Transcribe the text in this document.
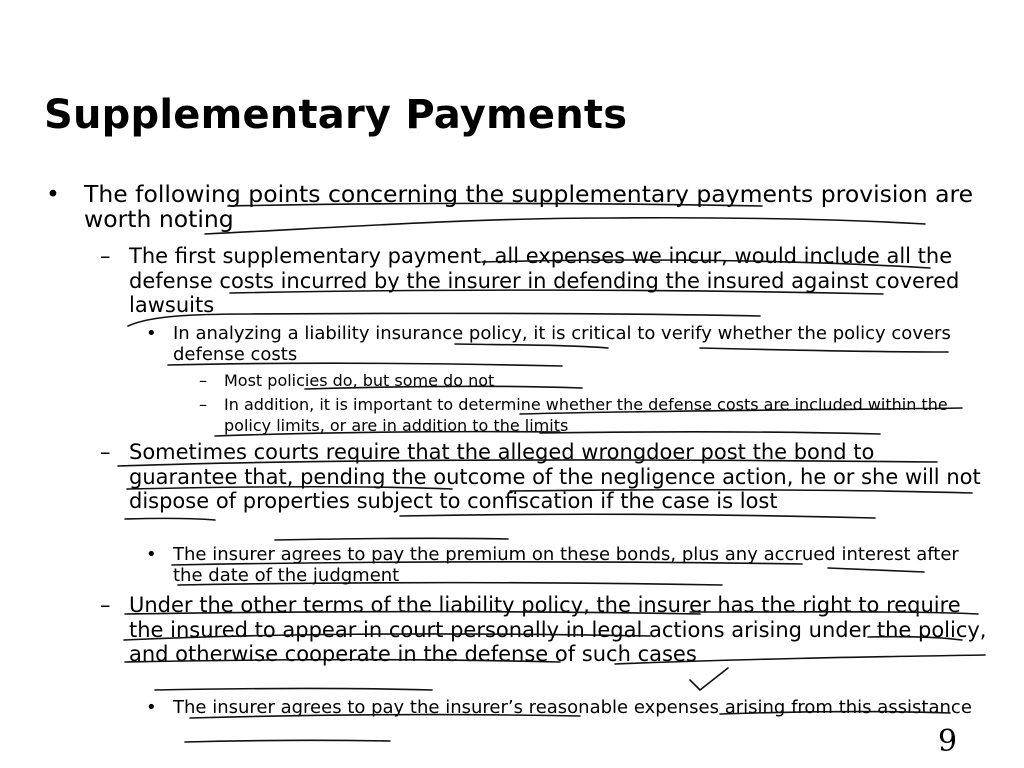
Supplementary Payments
• The following points concerning the supplementary payments provision are worth noting
– The first supplementary payment, all expenses we incur, would include all the defense costs incurred by the insurer in defending the insured against covered lawsuits
• In analyzing a liability insurance policy, it is critical to verify whether the policy covers defense costs
– Most policies do, but some do not
– In addition, it is important to determine whether the defense costs are included within the policy limits, or are in addition to the limits
– Sometimes courts require that the alleged wrongdoer post the bond to guarantee that, pending the outcome of the negligence action, he or she will not dispose of properties subject to confiscation if the case is lost
• The insurer agrees to pay the premium on these bonds, plus any accrued interest after the date of the judgment
– Under the other terms of the liability policy, the insurer has the right to require the insured to appear in court personally in legal actions arising under the policy, and otherwise cooperate in the defense of such cases
• The insurer agrees to pay the insurer’s reasonable expenses arising from this assistance
9
